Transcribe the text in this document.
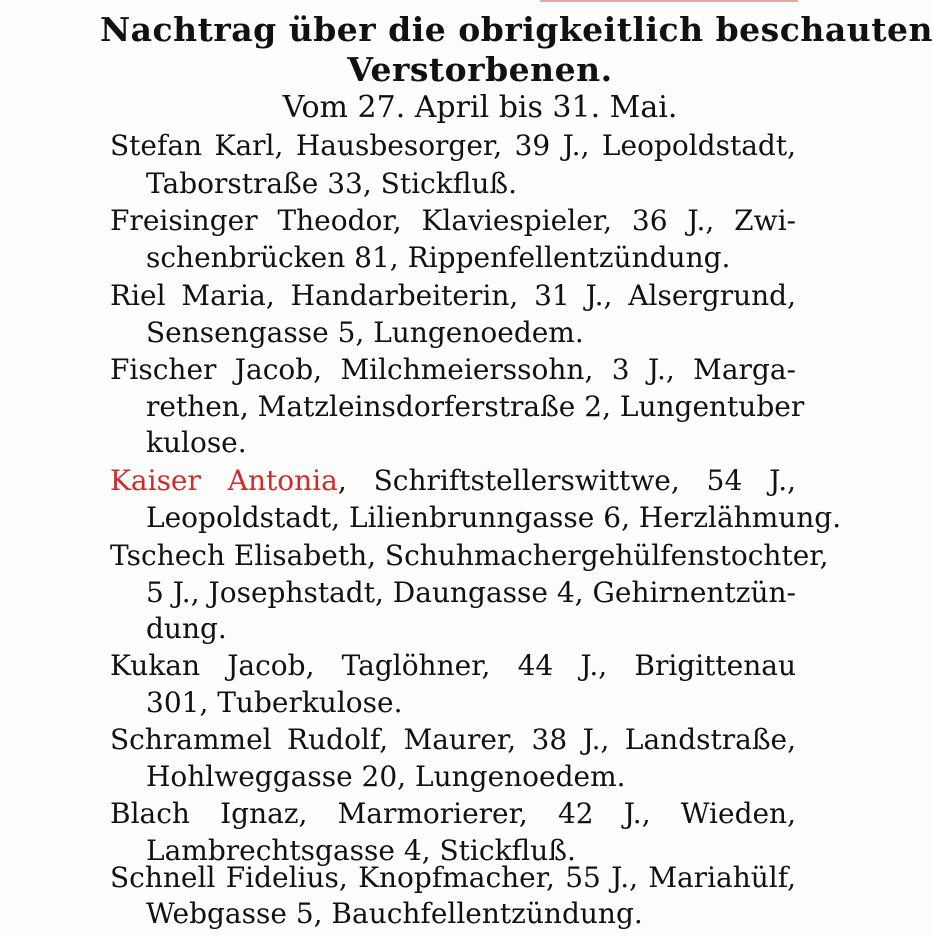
Nachtrag über die obrigkeitlich beschauten
Verstorbenen.
Vom 27. April bis 31. Mai.
Stefan Karl, Hausbesorger, 39 J., Leopoldstadt,
Taborstraße 33, Stickfluß.
Freisinger Theodor, Klaviespieler, 36 J., Zwi-
schenbrücken 81, Rippenfellentzündung.
Riel Maria, Handarbeiterin, 31 J., Alsergrund,
Sensengasse 5, Lungenoedem.
Fischer Jacob, Milchmeierssohn, 3 J., Marga-
rethen, Matzleinsdorferstraße 2, Lungentuber
kulose.
Kaiser Antonia, Schriftstellerswittwe, 54 J.,
Leopoldstadt, Lilienbrunngasse 6, Herzlähmung.
Tschech Elisabeth, Schuhmachergehülfenstochter,
5 J., Josephstadt, Daungasse 4, Gehirnentzün-
dung.
Kukan Jacob, Taglöhner, 44 J., Brigittenau
301, Tuberkulose.
Schrammel Rudolf, Maurer, 38 J., Landstraße,
Hohlweggasse 20, Lungenoedem.
Blach Ignaz, Marmorierer, 42 J., Wieden,
Lambrechtsgasse 4, Stickfluß.
Schnell Fidelius, Knopfmacher, 55 J., Mariahülf,
Webgasse 5, Bauchfellentzündung.
